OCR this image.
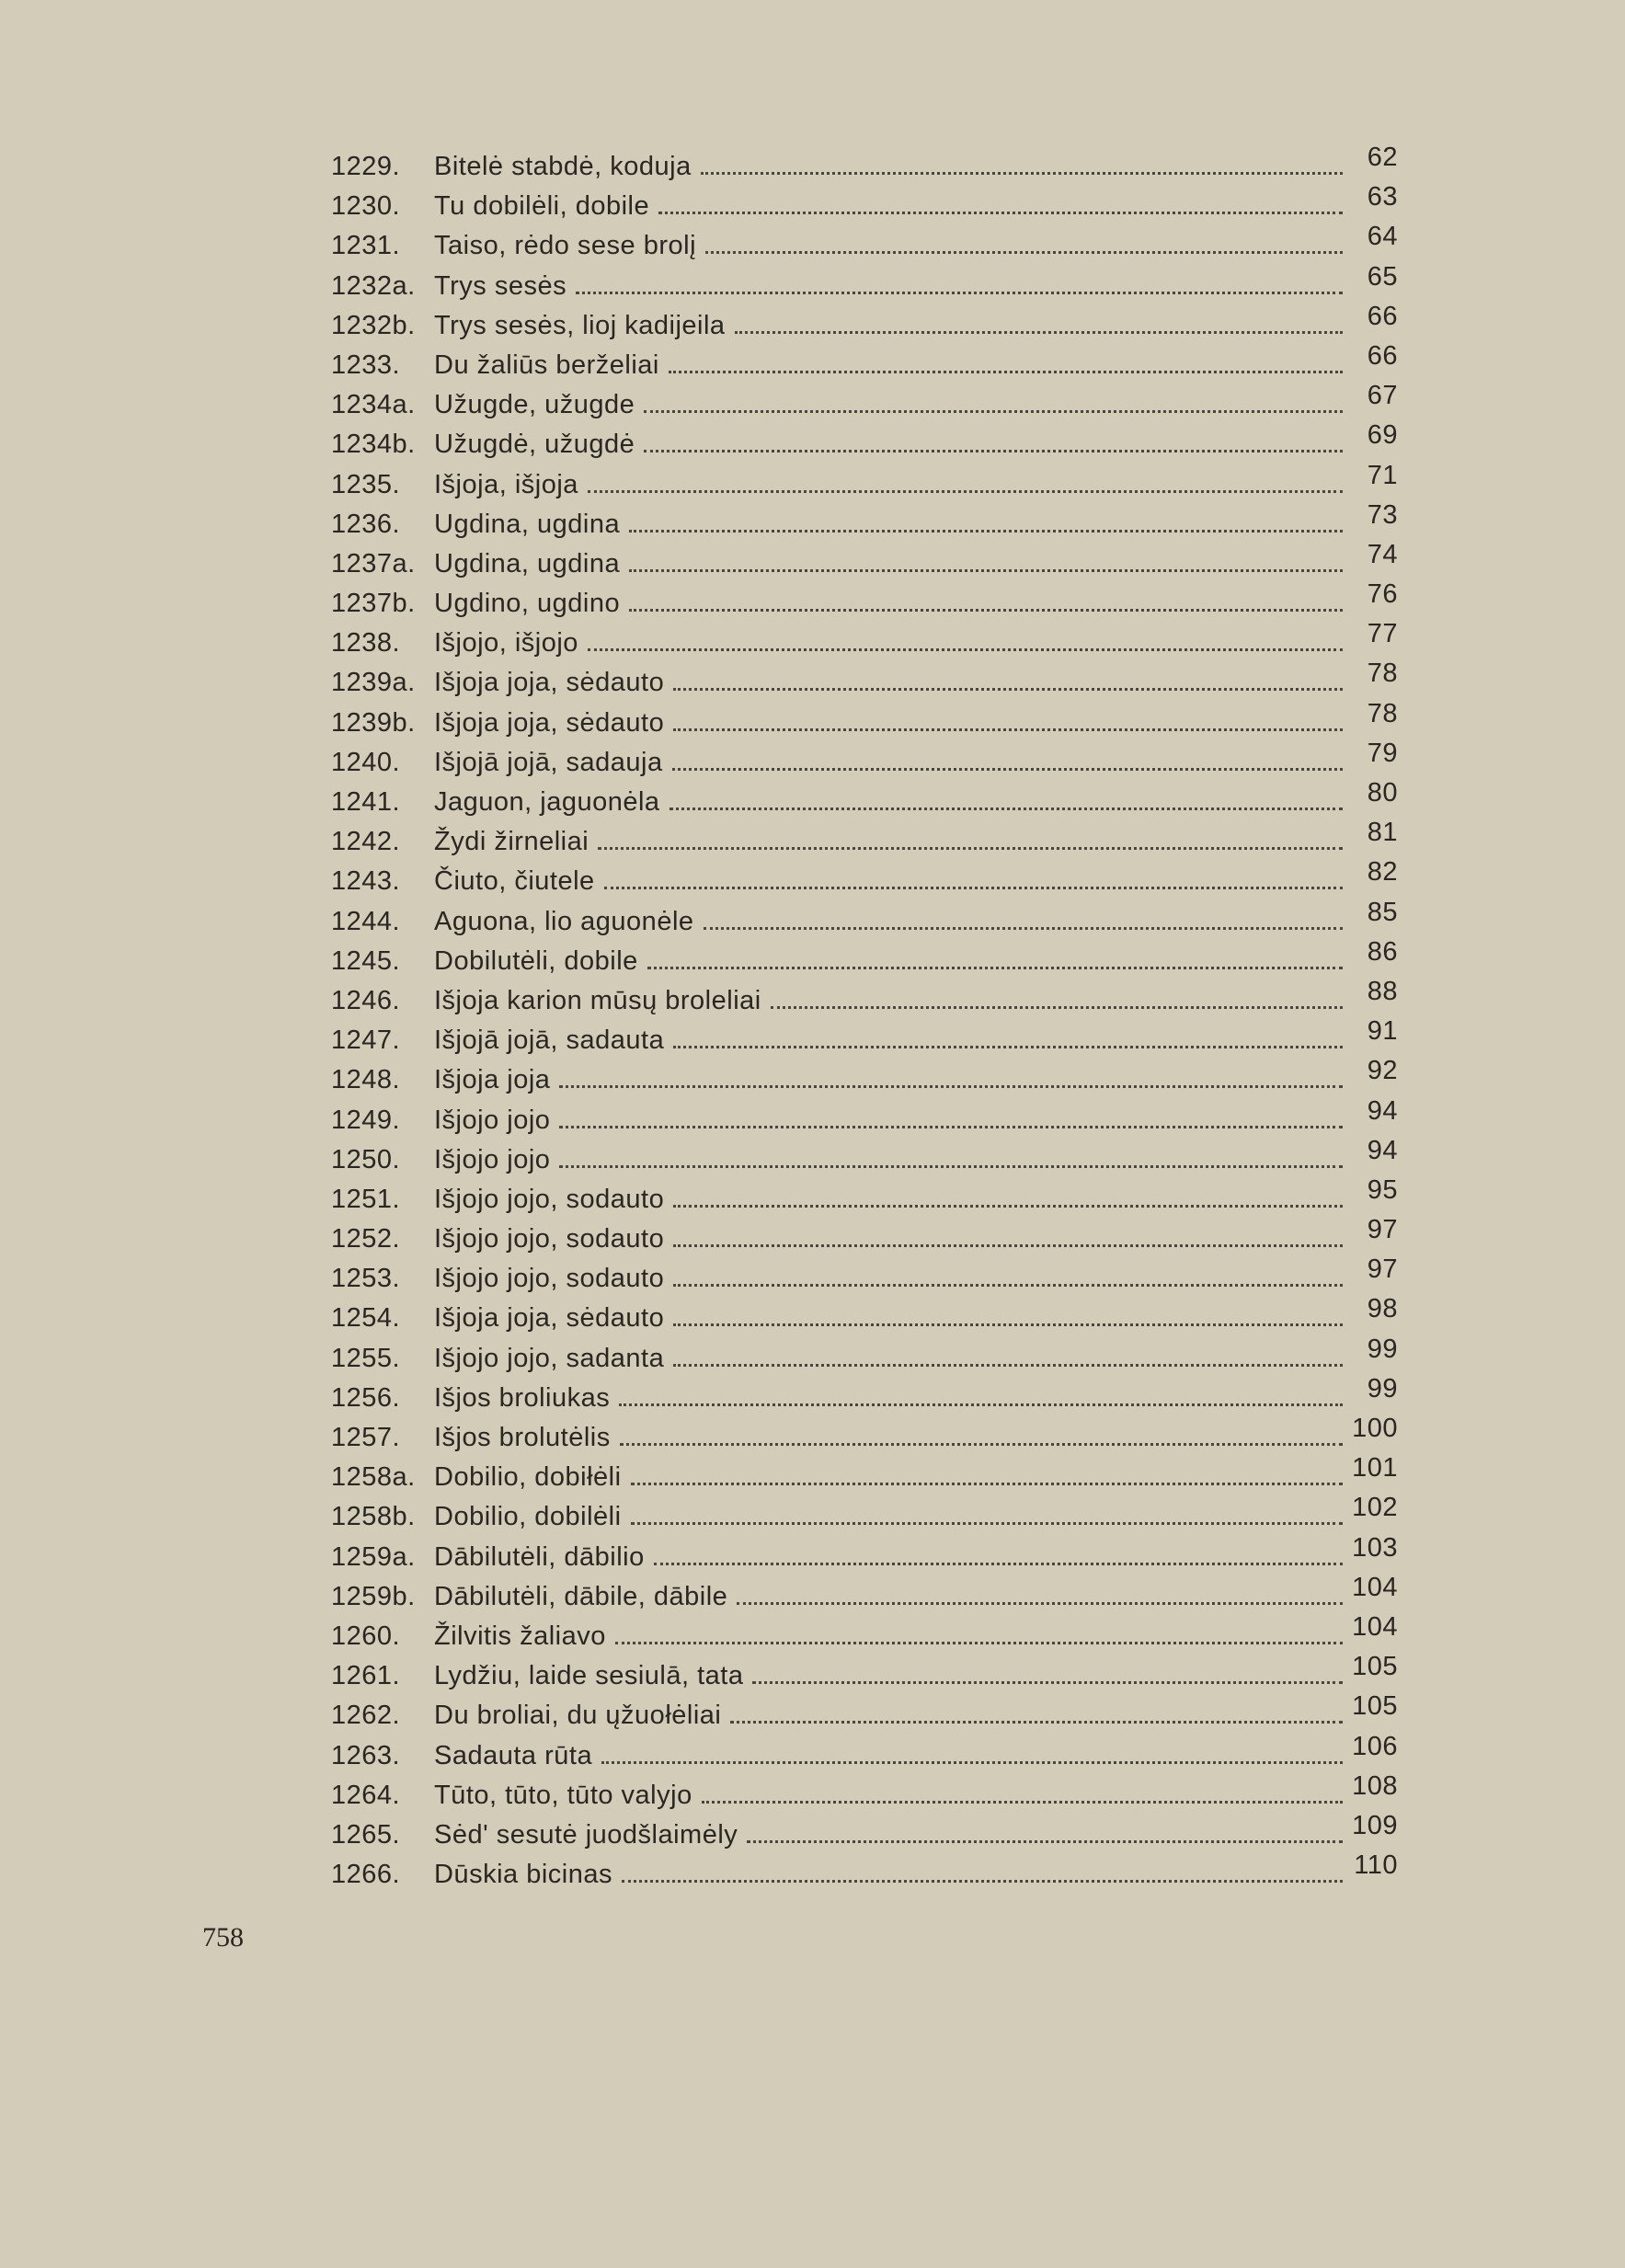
1229.	Bitelė stabdė, koduja	62
1230.	Tu dobilėli, dobile	63
1231.	Taiso, rėdo sese brolį	64
1232a. Trys sesės	65
1232b. Trys sesės, lioj kadijeila	66
1233.	Du žaliūs berželiai	66
1234a. Užugde, užugde	67
1234b. Užugdė, užugdė	69
1235.	Išjoja, išjoja	71
1236.	Ugdina, ugdina	73
1237a. Ugdina, ugdina	74
1237b. Ugdino, ugdino	76
1238.	Išjojo, išjojo	77
1239a. Išjoja joja, sėdauto	78
1239b. Išjoja joja, sėdauto	78
1240.	Išjojā jojā, sadauja	79
1241.	Jaguon, jaguonėla	80
1242.	Žydi žirneliai	81
1243.	Čiuto, čiutele	82
1244.	Aguona, lio aguonėle	85
1245.	Dobilutėli, dobile	86
1246.	Išjoja karion mūsų broleliai	88
1247.	Išjojā jojā, sadauta	91
1248.	Išjoja joja	92
1249.	Išjojo jojo	94
1250.	Išjojo jojo	94
1251.	Išjojo jojo, sodauto	95
1252.	Išjojo jojo, sodauto	97
1253.	Išjojo jojo, sodauto	97
1254.	Išjoja joja, sėdauto	98
1255.	Išjojo jojo, sadanta	99
1256.	Išjos broliukas	99
1257.	Išjos brolutėlis	100
1258a. Dobilio, dobiłėli	101
1258b. Dobilio, dobilėli	102
1259a. Dābilutėli, dābilio	103
1259b. Dābilutėli, dābile, dābile	104
1260.	Žilvitis žaliavo	104
1261.	Lydžiu, laide sesiulā, tata	105
1262.	Du broliai, du ųžuołėliai	105
1263.	Sadauta rūta	106
1264.	Tūto, tūto, tūto valyjo	108
1265.	Sėd' sesutė juodšlaimėly	109
1266.	Dūskia bicinas	110
758
